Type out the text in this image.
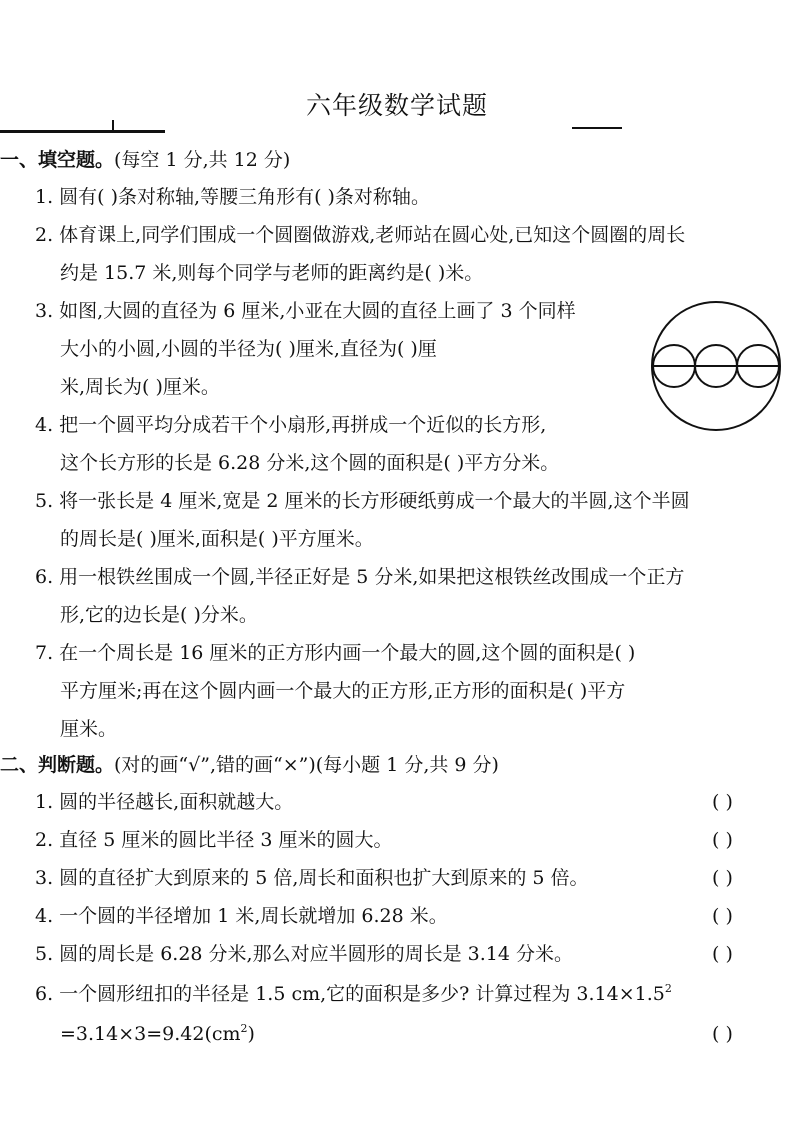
六年级数学试题
一、填空题。(每空 1 分,共 12 分)
1. 圆有( )条对称轴,等腰三角形有( )条对称轴。
2. 体育课上,同学们围成一个圆圈做游戏,老师站在圆心处,已知这个圆圈的周长
约是 15.7 米,则每个同学与老师的距离约是( )米。
3. 如图,大圆的直径为 6 厘米,小亚在大圆的直径上画了 3 个同样
大小的小圆,小圆的半径为( )厘米,直径为( )厘
米,周长为( )厘米。
4. 把一个圆平均分成若干个小扇形,再拼成一个近似的长方形,
这个长方形的长是 6.28 分米,这个圆的面积是( )平方分米。
5. 将一张长是 4 厘米,宽是 2 厘米的长方形硬纸剪成一个最大的半圆,这个半圆
的周长是( )厘米,面积是( )平方厘米。
6. 用一根铁丝围成一个圆,半径正好是 5 分米,如果把这根铁丝改围成一个正方
形,它的边长是( )分米。
7. 在一个周长是 16 厘米的正方形内画一个最大的圆,这个圆的面积是( )
平方厘米;再在这个圆内画一个最大的正方形,正方形的面积是( )平方
厘米。
二、判断题。(对的画“√”,错的画“×”)(每小题 1 分,共 9 分)
1. 圆的半径越长,面积就越大。	( )
2. 直径 5 厘米的圆比半径 3 厘米的圆大。	( )
3. 圆的直径扩大到原来的 5 倍,周长和面积也扩大到原来的 5 倍。	( )
4. 一个圆的半径增加 1 米,周长就增加 6.28 米。	( )
5. 圆的周长是 6.28 分米,那么对应半圆形的周长是 3.14 分米。	( )
6. 一个圆形纽扣的半径是 1.5 cm,它的面积是多少? 计算过程为 $3.14\times 1.5^2$
$=3.14\times 3=9.42(cm^2)$	( )
